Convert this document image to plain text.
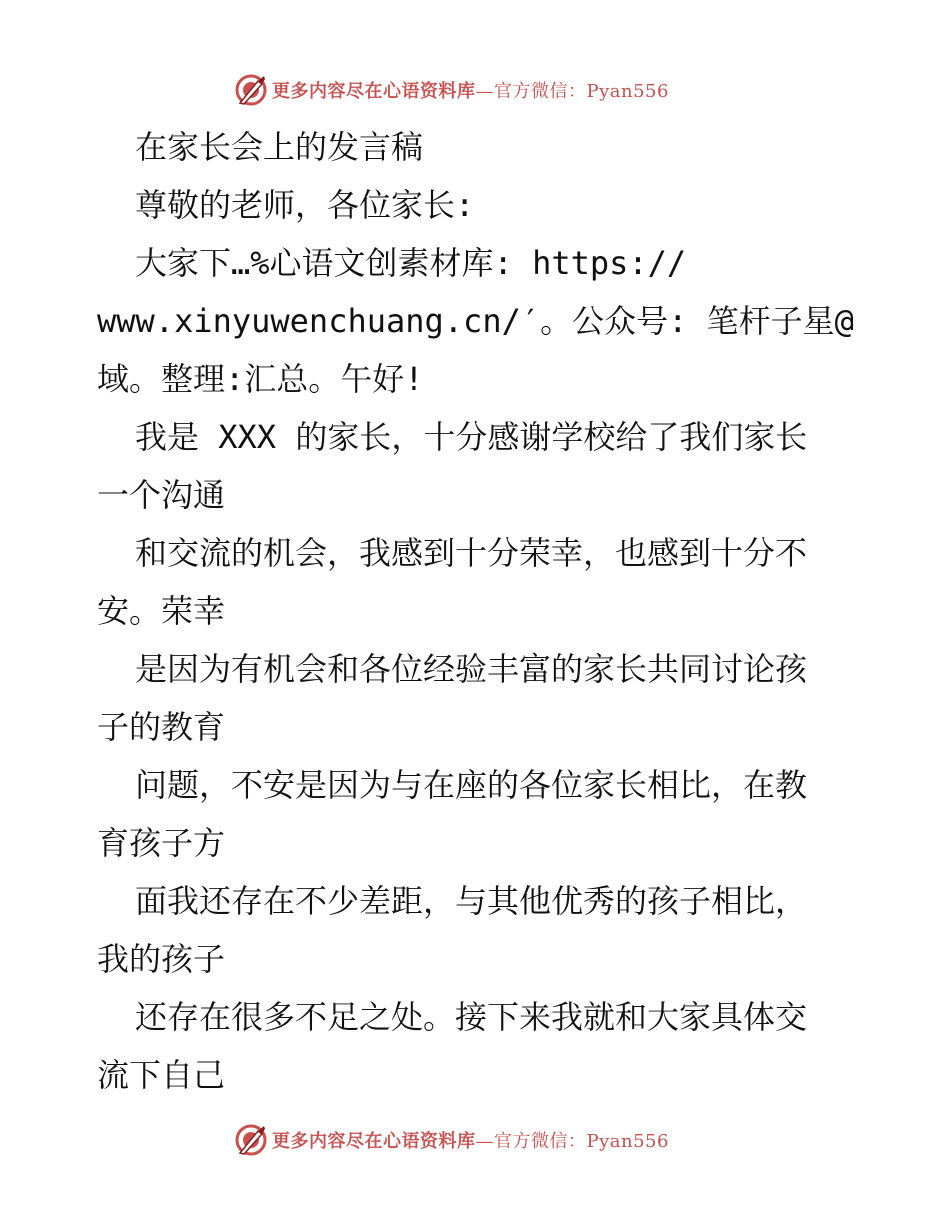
更多内容尽在心语资料库—官方微信：Pyan556
在家长会上的发言稿
尊敬的老师，各位家长:
大家下…%心语文创素材库: https://
www.xinyuwenchuang.cn/′。公众号: 笔杆子星@
域。整理:汇总。午好!
我是 XXX 的家长，十分感谢学校给了我们家长
一个沟通
和交流的机会，我感到十分荣幸，也感到十分不
安。荣幸
是因为有机会和各位经验丰富的家长共同讨论孩
子的教育
问题，不安是因为与在座的各位家长相比，在教
育孩子方
面我还存在不少差距，与其他优秀的孩子相比，
我的孩子
还存在很多不足之处。接下来我就和大家具体交
流下自己
更多内容尽在心语资料库—官方微信：Pyan556
